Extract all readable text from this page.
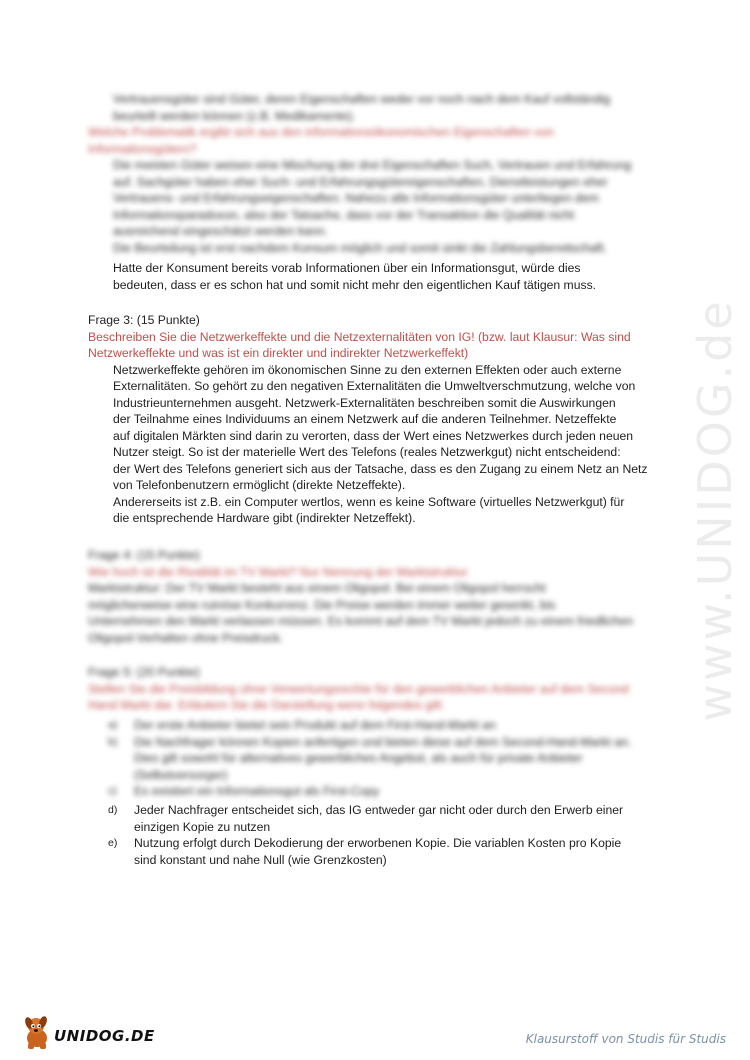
Vertrauensgüter sind Güter, deren Eigenschaften weder vor noch nach dem Kauf vollständig
beurteilt werden können (z.B. Medikamente).
Welche Problematik ergibt sich aus den informationsökonomischen Eigenschaften von
Informationsgütern?
Die meisten Güter weisen eine Mischung der drei Eigenschaften Such, Vertrauen und Erfahrung
auf. Sachgüter haben eher Such- und Erfahrungsgütereigenschaften, Dienstleistungen eher
Vertrauens- und Erfahrungseigenschaften. Nahezu alle Informationsgüter unterliegen dem
Informationsparadoxon, also der Tatsache, dass vor der Transaktion die Qualität nicht
ausreichend eingeschätzt werden kann.
Die Beurteilung ist erst nachdem Konsum möglich und somit sinkt die Zahlungsbereitschaft.
Hatte der Konsument bereits vorab Informationen über ein Informationsgut, würde dies
bedeuten, dass er es schon hat und somit nicht mehr den eigentlichen Kauf tätigen muss.
Frage 3: (15 Punkte)
Beschreiben Sie die Netzwerkeffekte und die Netzexternalitäten von IG! (bzw. laut Klausur: Was sind
Netzwerkeffekte und was ist ein direkter und indirekter Netzwerkeffekt)
Netzwerkeffekte gehören im ökonomischen Sinne zu den externen Effekten oder auch externe
Externalitäten. So gehört zu den negativen Externalitäten die Umweltverschmutzung, welche von
Industrieunternehmen ausgeht. Netzwerk-Externalitäten beschreiben somit die Auswirkungen
der Teilnahme eines Individuums an einem Netzwerk auf die anderen Teilnehmer. Netzeffekte
auf digitalen Märkten sind darin zu verorten, dass der Wert eines Netzwerkes durch jeden neuen
Nutzer steigt. So ist der materielle Wert des Telefons (reales Netzwerkgut) nicht entscheidend:
der Wert des Telefons generiert sich aus der Tatsache, dass es den Zugang zu einem Netz an Netz
von Telefonbenutzern ermöglicht (direkte Netzeffekte).
Andererseits ist z.B. ein Computer wertlos, wenn es keine Software (virtuelles Netzwerkgut) für
die entsprechende Hardware gibt (indirekter Netzeffekt).
Frage 4: (15 Punkte)
Wie hoch ist die Rivalität im TV Markt? Nur Nennung der Marktstruktur
Marktstruktur: Der TV Markt besteht aus einem Oligopol. Bei einem Oligopol herrscht
möglicherweise eine ruinöse Konkurrenz. Die Preise werden immer weiter gesenkt, bis
Unternehmen den Markt verlassen müssen. Es kommt auf dem TV Markt jedoch zu einem friedlichen
Oligopol-Verhalten ohne Preisdruck.
Frage 5: (20 Punkte)
Stellen Sie die Preisbildung ohne Verwertungsrechte für den gewerblichen Anbieter auf dem Second
Hand Markt dar. Erläutern Sie die Darstellung wenn folgendes gilt:
a) Der erste Anbieter bietet sein Produkt auf dem First-Hand-Markt an
b) Die Nachfrager können Kopien anfertigen und bieten diese auf dem Second-Hand-Markt an.
Dies gilt sowohl für alternatives gewerbliches Angebot, als auch für private Anbieter
(Selbstversorger)
c) Es existiert ein Informationsgut als First-Copy
d) Jeder Nachfrager entscheidet sich, das IG entweder gar nicht oder durch den Erwerb einer
einzigen Kopie zu nutzen
e) Nutzung erfolgt durch Dekodierung der erworbenen Kopie. Die variablen Kosten pro Kopie
sind konstant und nahe Null (wie Grenzkosten)
www.UNIDOG.de
UNIDOG.DE	Klausurstoff von Studis für Studis
